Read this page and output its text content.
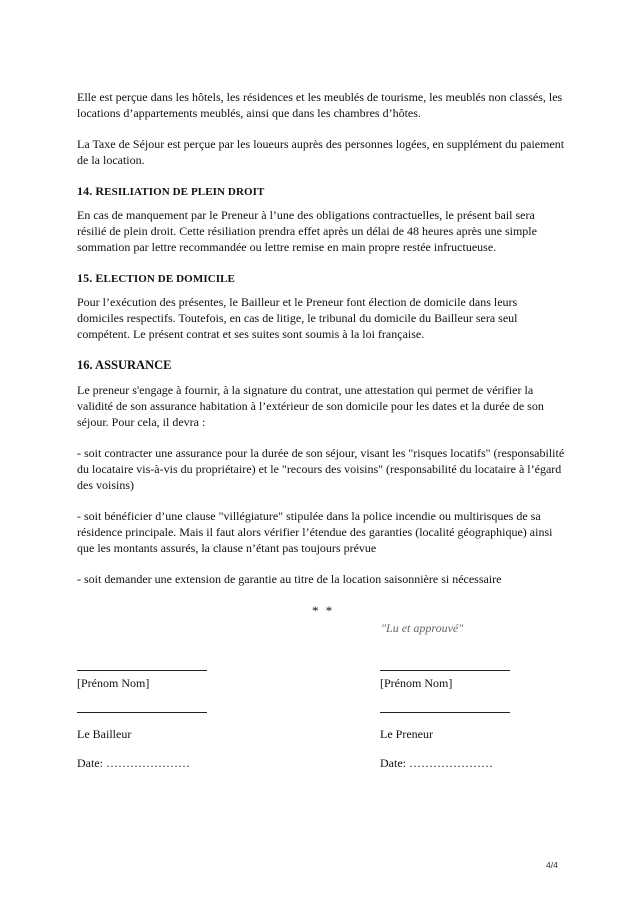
Elle est perçue dans les hôtels, les résidences et les meublés de tourisme, les meublés non classés, les locations d’appartements meublés, ainsi que dans les chambres d’hôtes.

La Taxe de Séjour est perçue par les loueurs auprès des personnes logées, en supplément du paiement de la location.

14. RESILIATION DE PLEIN DROIT

En cas de manquement par le Preneur à l’une des obligations contractuelles, le présent bail sera résilié de plein droit. Cette résiliation prendra effet après un délai de 48 heures après une simple sommation par lettre recommandée ou lettre remise en main propre restée infructueuse.

15. ELECTION DE DOMICILE

Pour l’exécution des présentes, le Bailleur et le Preneur font élection de domicile dans leurs domiciles respectifs. Toutefois, en cas de litige, le tribunal du domicile du Bailleur sera seul compétent. Le présent contrat et ses suites sont soumis à la loi française.

16. ASSURANCE

Le preneur s'engage à fournir, à la signature du contrat, une attestation qui permet de vérifier la validité de son assurance habitation à l’extérieur de son domicile pour les dates et la durée de son séjour. Pour cela, il devra :

- soit contracter une assurance pour la durée de son séjour, visant les "risques locatifs" (responsabilité du locataire vis-à-vis du propriétaire) et le "recours des voisins" (responsabilité du locataire à l’égard des voisins)

- soit bénéficier d’une clause "villégiature" stipulée dans la police incendie ou multirisques de sa résidence principale. Mais il faut alors vérifier l’étendue des garanties (localité géographique) ainsi que les montants assurés, la clause n’étant pas toujours prévue

- soit demander une extension de garantie au titre de la location saisonnière si nécessaire

* *
"Lu et approuvé"
[Prénom Nom]	[Prénom Nom]
Le Bailleur	Le Preneur
Date: …………………	Date: …………………
4/4
